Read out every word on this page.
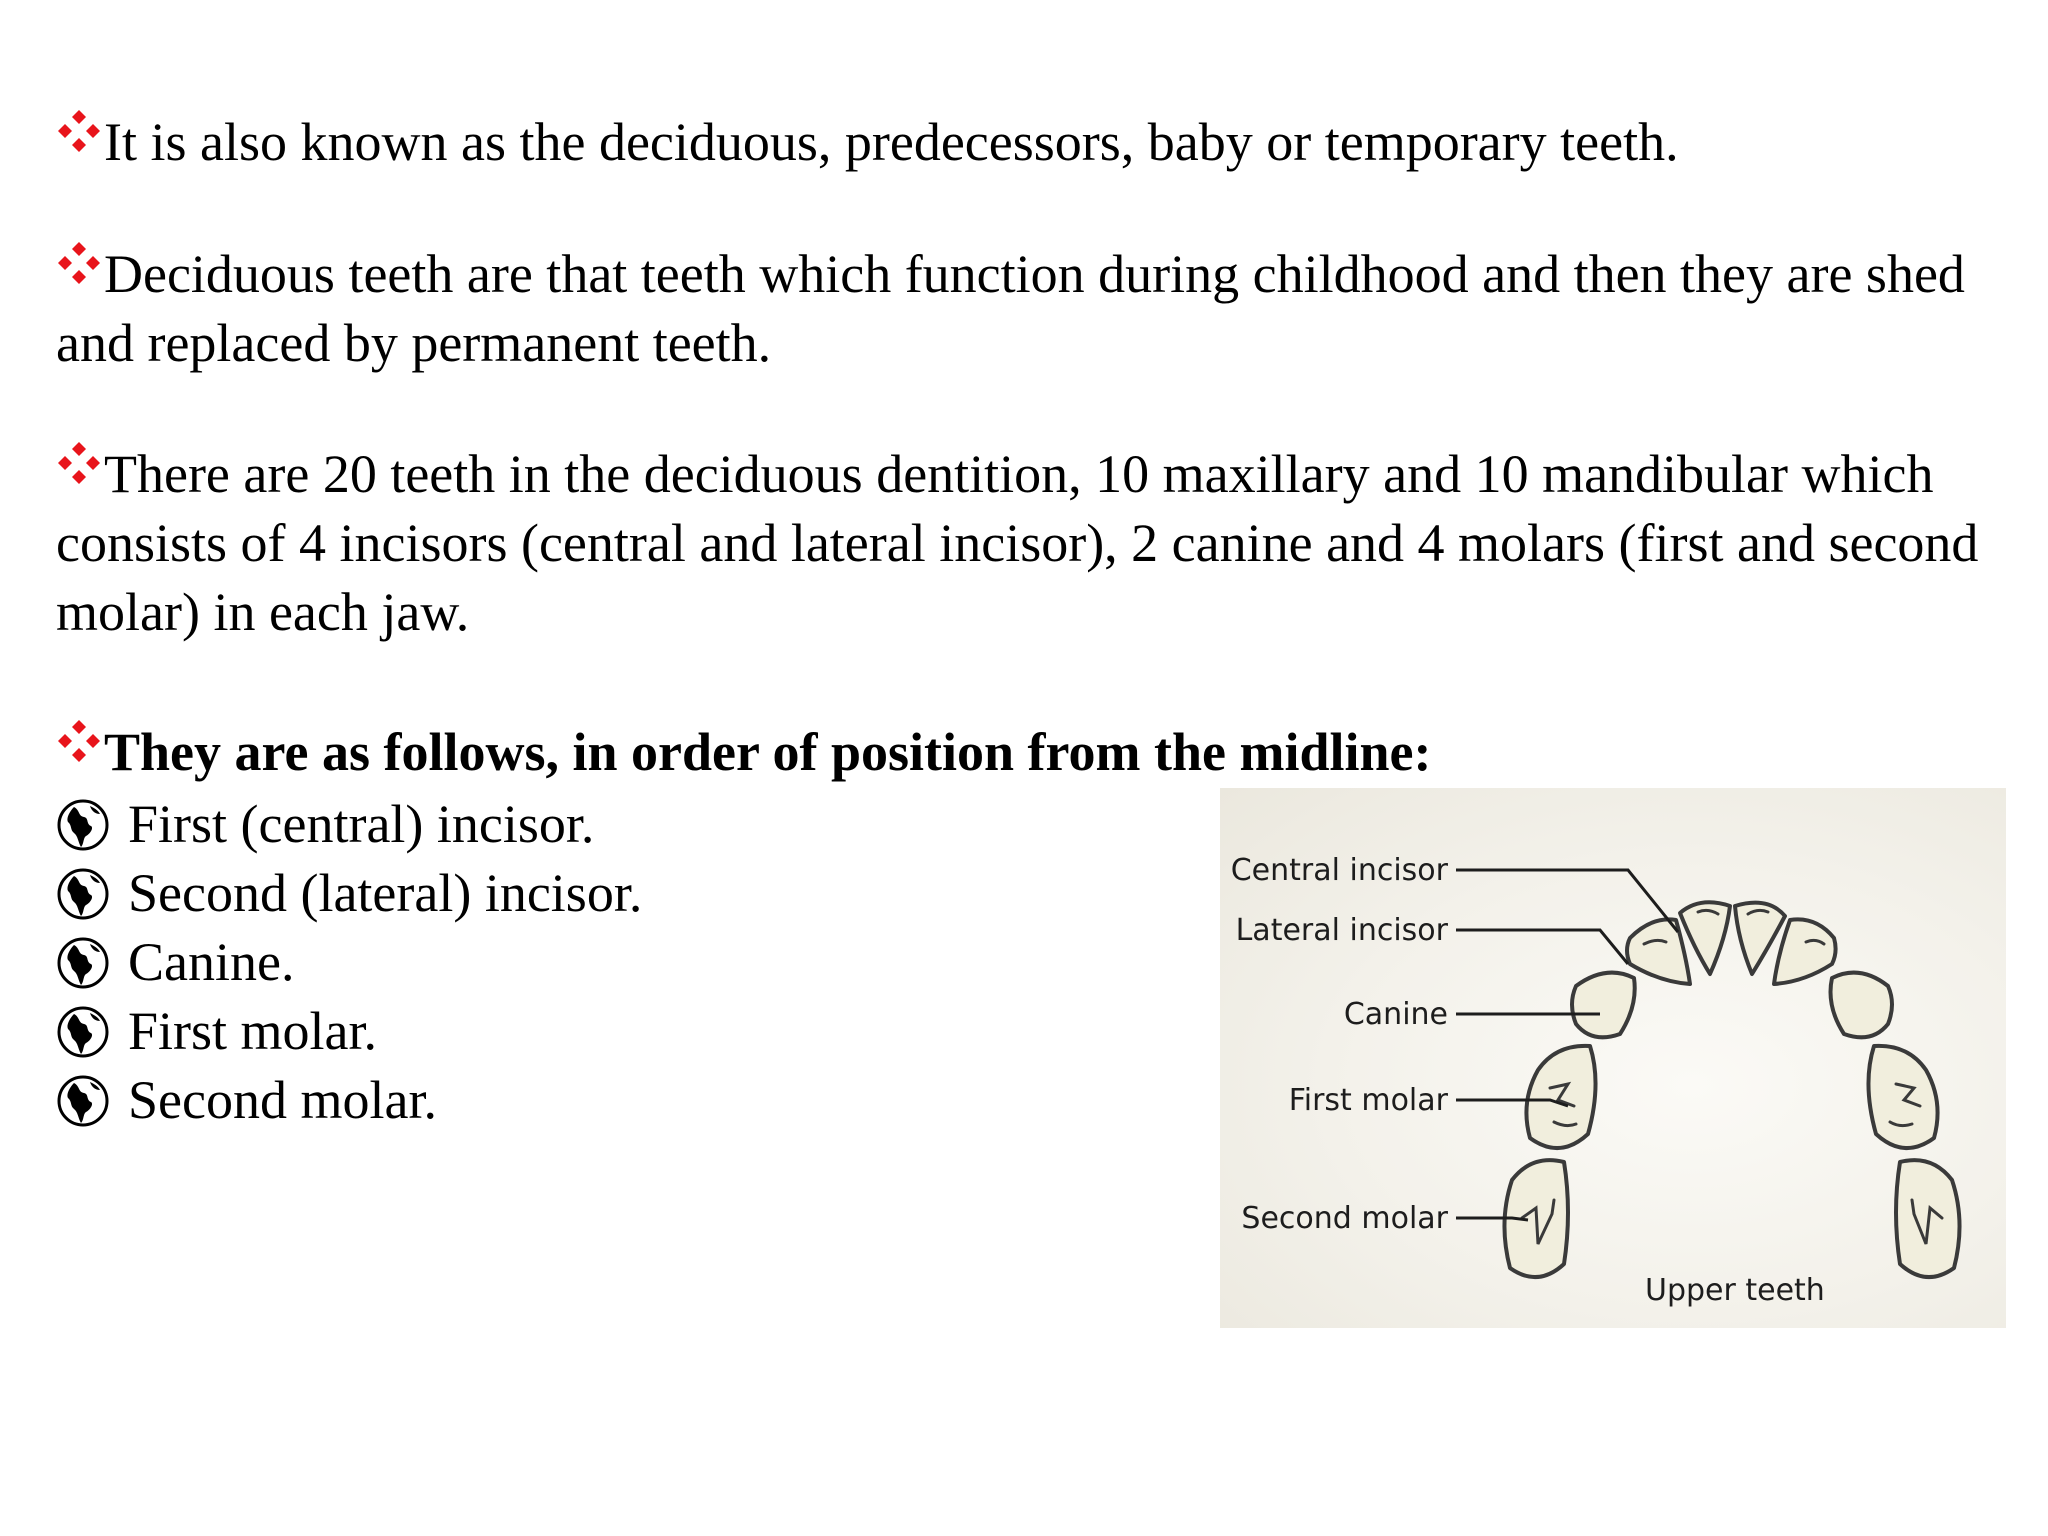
It is also known as the deciduous, predecessors, baby or temporary teeth.
Deciduous teeth are that teeth which function during childhood and then they are shed and replaced by permanent teeth.
There are 20 teeth in the deciduous dentition, 10 maxillary and 10 mandibular which consists of 4 incisors (central and lateral incisor), 2 canine and 4 molars (first and second molar) in each jaw.
They are as follows, in order of position from the midline:
First (central) incisor.
Second (lateral) incisor.
Canine.
First molar.
Second molar.
Central incisor
Lateral incisor
Canine
First molar
Second molar
Upper teeth
